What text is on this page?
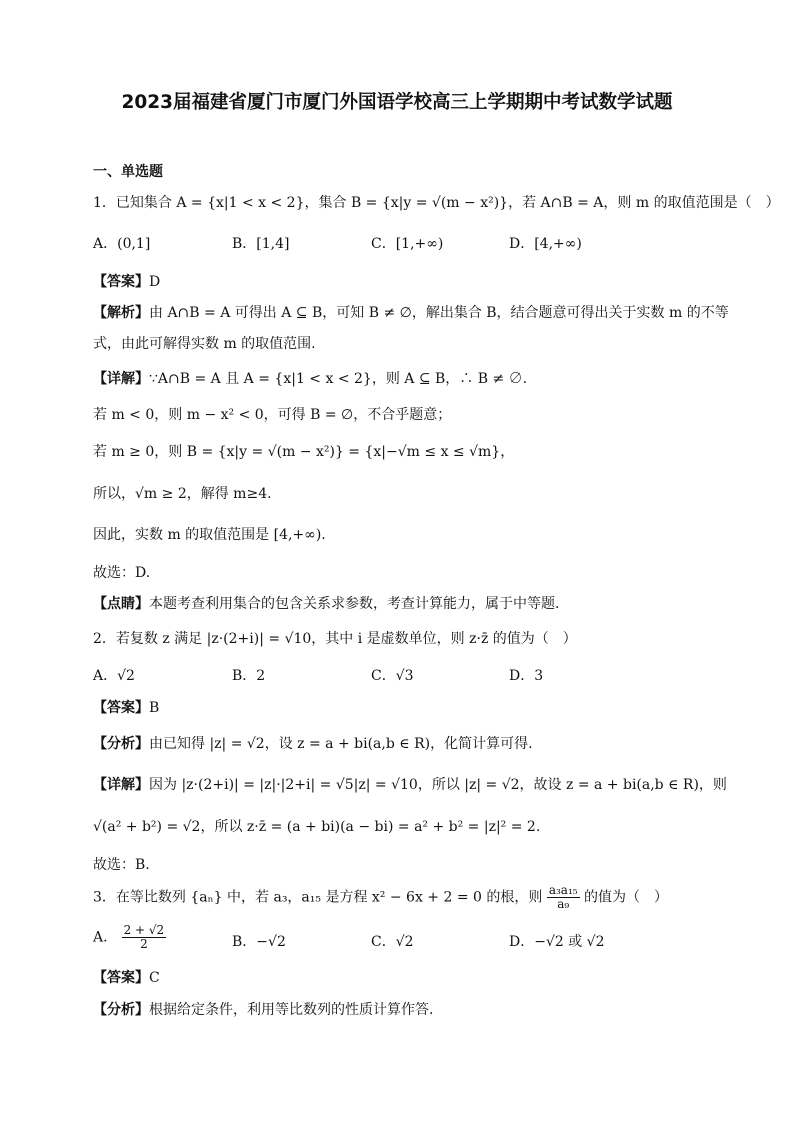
2023届福建省厦门市厦门外国语学校高三上学期期中考试数学试题
一、单选题
1．已知集合 A = {x|1 < x < 2}，集合 B = {x|y = √(m − x²)}，若 A∩B = A，则 m 的取值范围是（　）
A．(0,1]	B．[1,4]	C．[1,+∞)	D．[4,+∞)
【答案】D
【解析】由 A∩B = A 可得出 A ⊆ B，可知 B ≠ ∅，解出集合 B，结合题意可得出关于实数 m 的不等
式，由此可解得实数 m 的取值范围.
【详解】∵A∩B = A 且 A = {x|1 < x < 2}，则 A ⊆ B，∴ B ≠ ∅.
若 m < 0，则 m − x² < 0，可得 B = ∅，不合乎题意；
若 m ≥ 0，则 B = {x|y = √(m − x²)} = {x|−√m ≤ x ≤ √m}，
所以，√m ≥ 2，解得 m≥4.
因此，实数 m 的取值范围是 [4,+∞).
故选：D.
【点睛】本题考查利用集合的包含关系求参数，考查计算能力，属于中等题.
2．若复数 z 满足 |z·(2+i)| = √10，其中 i 是虚数单位，则 z·z̄ 的值为（　）
A．√2	B．2	C．√3	D．3
【答案】B
【分析】由已知得 |z| = √2，设 z = a + bi(a,b ∈ R)，化简计算可得.
【详解】因为 |z·(2+i)| = |z|·|2+i| = √5|z| = √10，所以 |z| = √2，故设 z = a + bi(a,b ∈ R)，则
√(a² + b²) = √2，所以 z·z̄ = (a + bi)(a − bi) = a² + b² = |z|² = 2.
故选：B.
3．在等比数列 {aₙ} 中，若 a₃，a₁₅ 是方程 x² − 6x + 2 = 0 的根，则 $\frac{\text{a₃a₁₅}}{\text{a₉}}$ 的值为（　）
A． $\frac{2 + √2}{2}$	B．−√2	C．√2	D．−√2 或 √2
【答案】C
【分析】根据给定条件，利用等比数列的性质计算作答.
